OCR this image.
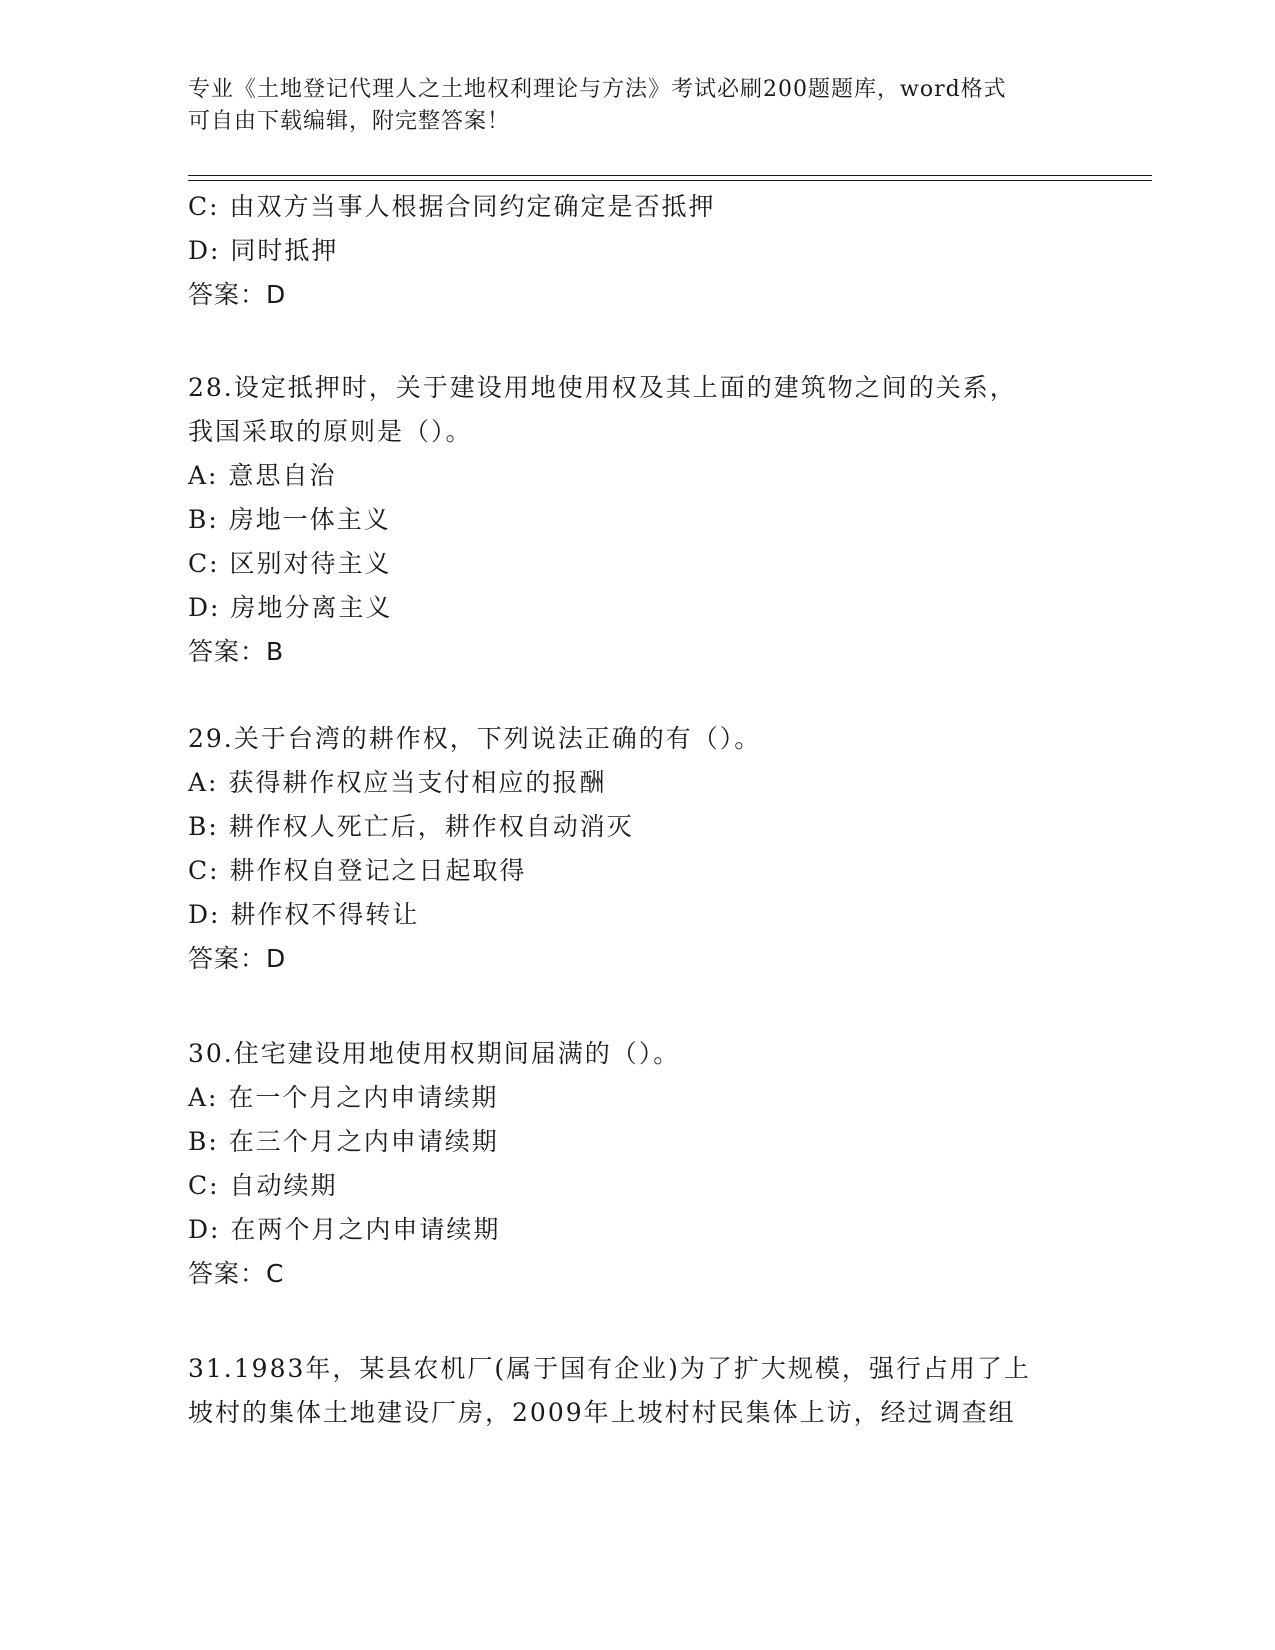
专业《土地登记代理人之土地权利理论与方法》考试必刷200题题库，word格式
可自由下载编辑，附完整答案！
C: 由双方当事人根据合同约定确定是否抵押
D: 同时抵押
答案：D
28.设定抵押时，关于建设用地使用权及其上面的建筑物之间的关系，
我国采取的原则是（）。
A: 意思自治
B: 房地一体主义
C: 区别对待主义
D: 房地分离主义
答案：B
29.关于台湾的耕作权，下列说法正确的有（）。
A: 获得耕作权应当支付相应的报酬
B: 耕作权人死亡后，耕作权自动消灭
C: 耕作权自登记之日起取得
D: 耕作权不得转让
答案：D
30.住宅建设用地使用权期间届满的（）。
A: 在一个月之内申请续期
B: 在三个月之内申请续期
C: 自动续期
D: 在两个月之内申请续期
答案：C
31.1983年，某县农机厂(属于国有企业)为了扩大规模，强行占用了上
坡村的集体土地建设厂房，2009年上坡村村民集体上访，经过调查组
